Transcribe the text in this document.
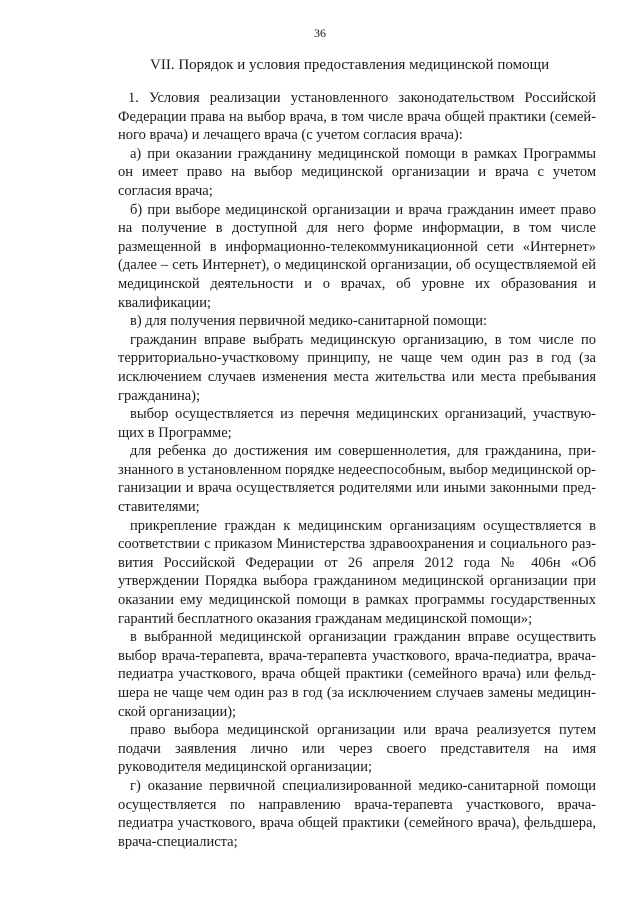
36
VII. Порядок и условия предоставления медицинской помощи

1. Условия реализации установленного законодательством Российской Федерации права на выбор врача, в том числе врача общей практики (семейного врача) и лечащего врача (с учетом согласия врача):

а) при оказании гражданину медицинской помощи в рамках Программы он имеет право на выбор медицинской организации и врача с учетом согласия врача;

б) при выборе медицинской организации и врача гражданин имеет право на получение в доступной для него форме информации, в том числе размещенной в информационно-телекоммуникационной сети «Интернет» (далее – сеть Интернет), о медицинской организации, об осуществляемой ей медицинской деятельности и о врачах, об уровне их образования и квалификации;

в) для получения первичной медико-санитарной помощи:

гражданин вправе выбрать медицинскую организацию, в том числе по территориально-участковому принципу, не чаще чем один раз в год (за исключением случаев изменения места жительства или места пребывания гражданина);

выбор осуществляется из перечня медицинских организаций, участвующих в Программе;

для ребенка до достижения им совершеннолетия, для гражданина, признанного в установленном порядке недееспособным, выбор медицинской организации и врача осуществляется родителями или иными законными представителями;

прикрепление граждан к медицинским организациям осуществляется в соответствии с приказом Министерства здравоохранения и социального развития Российской Федерации от 26 апреля 2012 года № 406н «Об утверждении Порядка выбора гражданином медицинской организации при оказании ему медицинской помощи в рамках программы государственных гарантий бесплатного оказания гражданам медицинской помощи»;

в выбранной медицинской организации гражданин вправе осуществить выбор врача-терапевта, врача-терапевта участкового, врача-педиатра, врача-педиатра участкового, врача общей практики (семейного врача) или фельдшера не чаще чем один раз в год (за исключением случаев замены медицинской организации);

право выбора медицинской организации или врача реализуется путем подачи заявления лично или через своего представителя на имя руководителя медицинской организации;

г) оказание первичной специализированной медико-санитарной помощи осуществляется по направлению врача-терапевта участкового, врача-педиатра участкового, врача общей практики (семейного врача), фельдшера, врача-специалиста;
